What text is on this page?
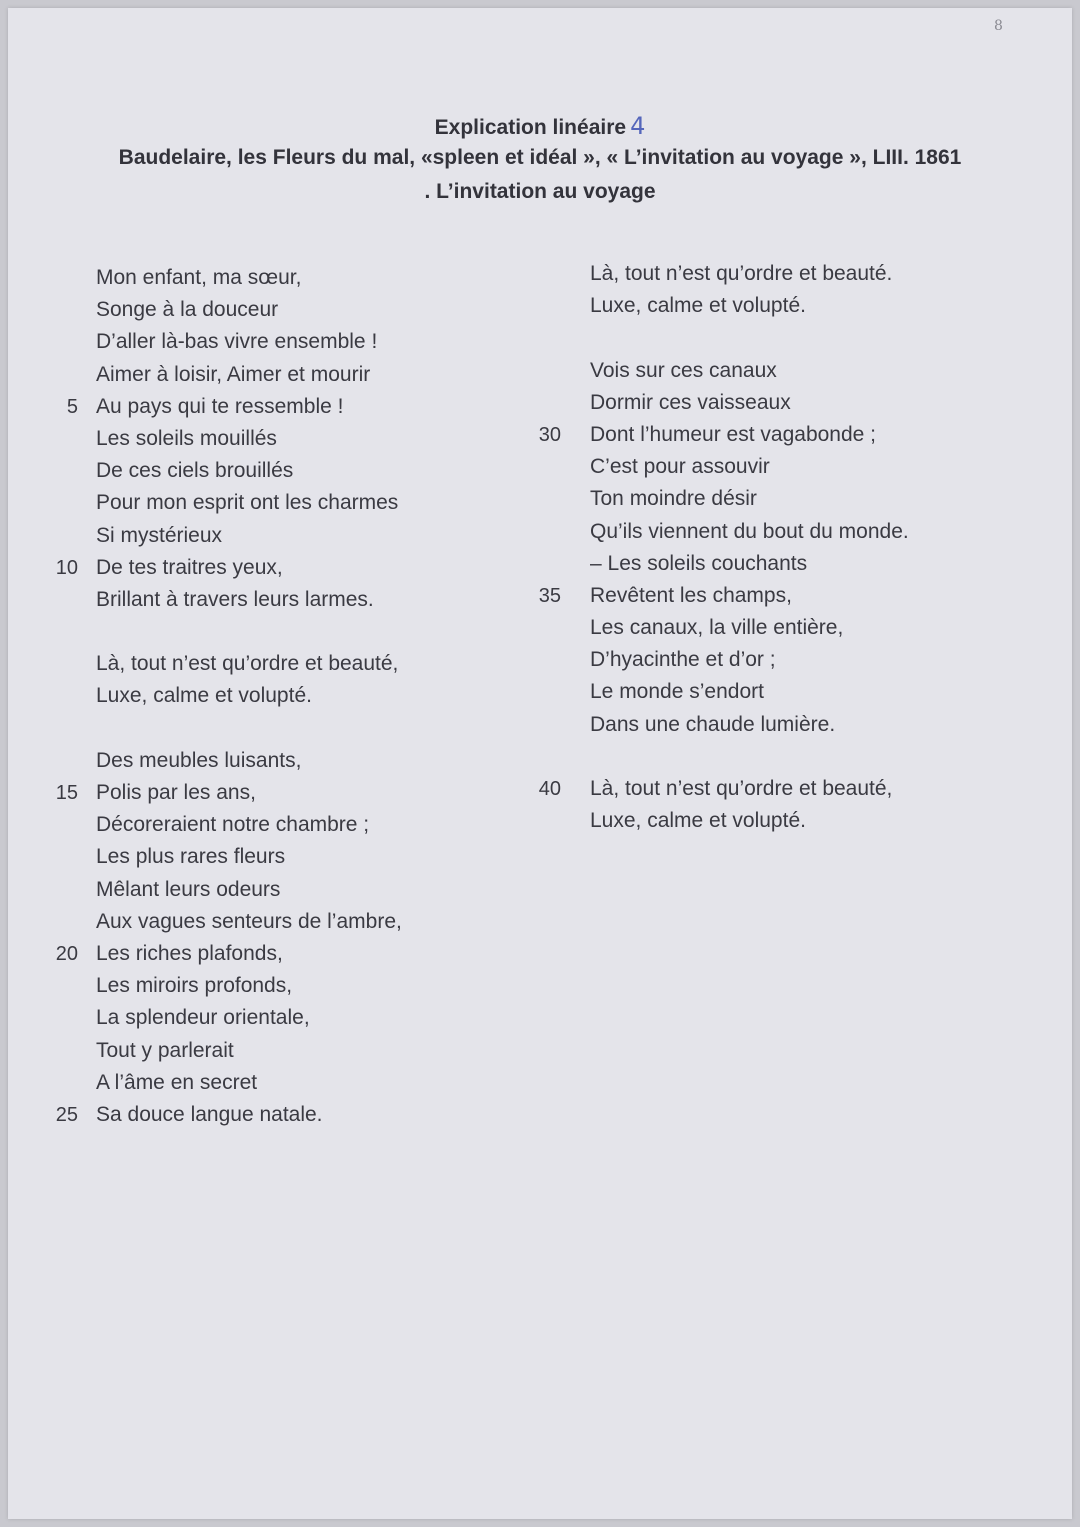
8
Explication linéaire 4
Baudelaire, les Fleurs du mal, «spleen et idéal », « L’invitation au voyage », LIII. 1861
. L’invitation au voyage
Mon enfant, ma sœur,
Songe à la douceur
D’aller là-bas vivre ensemble !
Aimer à loisir, Aimer et mourir
5 Au pays qui te ressemble !
Les soleils mouillés
De ces ciels brouillés
Pour mon esprit ont les charmes
Si mystérieux
10 De tes traitres yeux,
Brillant à travers leurs larmes.
Là, tout n’est qu’ordre et beauté,
Luxe, calme et volupté.
Des meubles luisants,
15 Polis par les ans,
Décoreraient notre chambre ;
Les plus rares fleurs
Mêlant leurs odeurs
Aux vagues senteurs de l’ambre,
20 Les riches plafonds,
Les miroirs profonds,
La splendeur orientale,
Tout y parlerait
A l’âme en secret
25 Sa douce langue natale.
Là, tout n’est qu’ordre et beauté.
Luxe, calme et volupté.
Vois sur ces canaux
Dormir ces vaisseaux
30 Dont l’humeur est vagabonde ;
C’est pour assouvir
Ton moindre désir
Qu’ils viennent du bout du monde.
– Les soleils couchants
35 Revêtent les champs,
Les canaux, la ville entière,
D’hyacinthe et d’or ;
Le monde s’endort
Dans une chaude lumière.
40 Là, tout n’est qu’ordre et beauté,
Luxe, calme et volupté.
